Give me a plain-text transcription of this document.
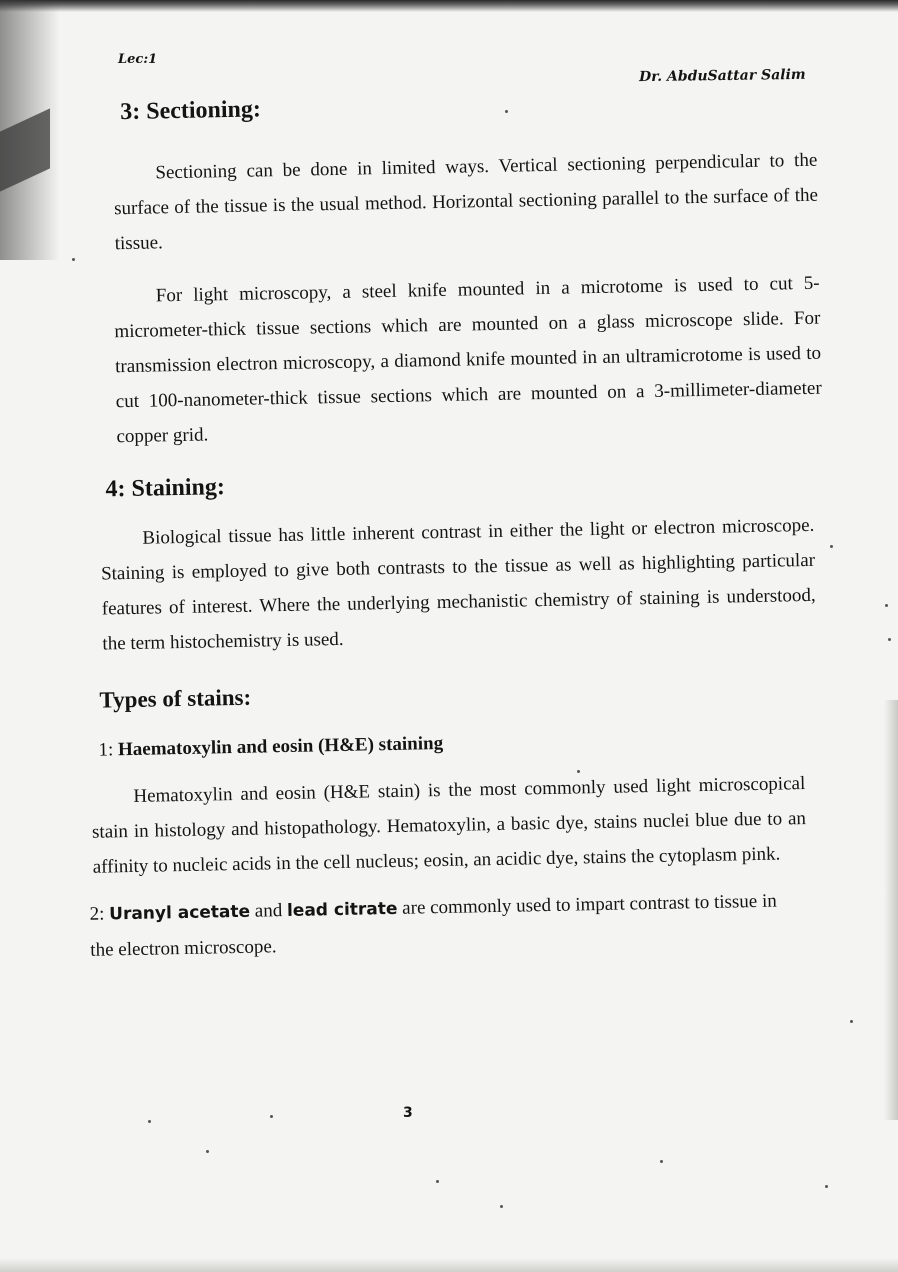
Lec:1
Dr. AbduSattar Salim
3: Sectioning:

Sectioning can be done in limited ways. Vertical sectioning perpendicular to the surface of the tissue is the usual method. Horizontal sectioning parallel to the surface of the tissue.

For light microscopy, a steel knife mounted in a microtome is used to cut 5-micrometer-thick tissue sections which are mounted on a glass microscope slide. For transmission electron microscopy, a diamond knife mounted in an ultramicrotome is used to cut 100-nanometer-thick tissue sections which are mounted on a 3-millimeter-diameter copper grid.

4: Staining:

Biological tissue has little inherent contrast in either the light or electron microscope. Staining is employed to give both contrasts to the tissue as well as highlighting particular features of interest. Where the underlying mechanistic chemistry of staining is understood, the term histochemistry is used.

Types of stains:

1: Haematoxylin and eosin (H&E) staining

Hematoxylin and eosin (H&E stain) is the most commonly used light microscopical stain in histology and histopathology. Hematoxylin, a basic dye, stains nuclei blue due to an affinity to nucleic acids in the cell nucleus; eosin, an acidic dye, stains the cytoplasm pink.

2: Uranyl acetate and lead citrate are commonly used to impart contrast to tissue in the electron microscope.

3
